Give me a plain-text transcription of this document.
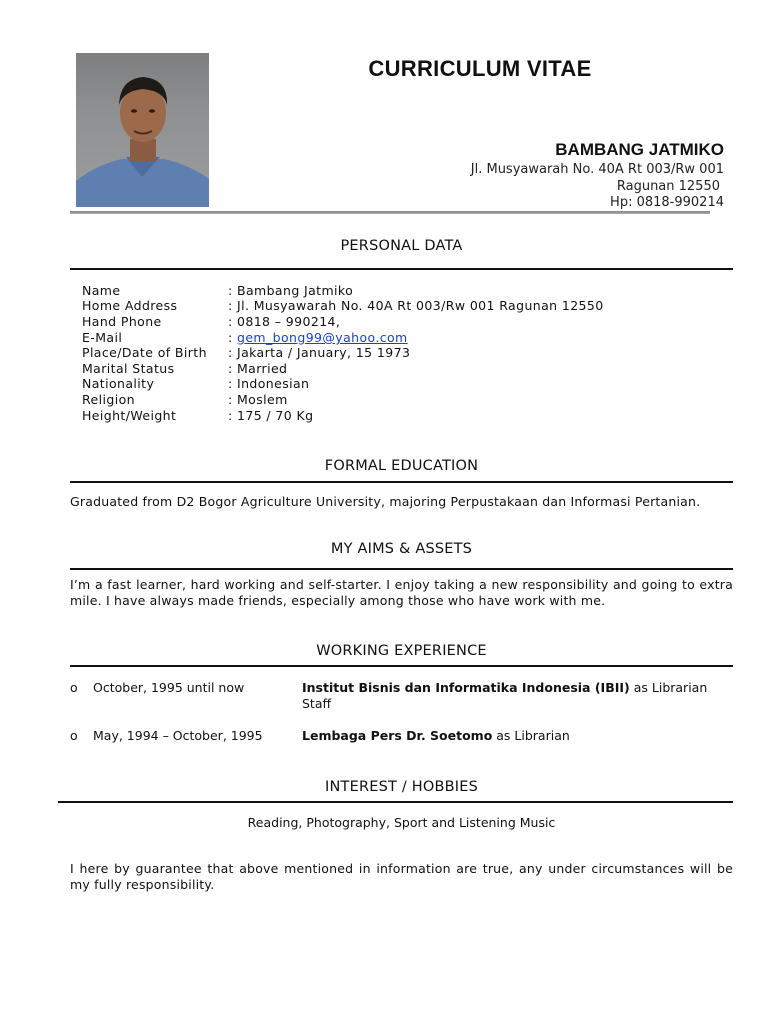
CURRICULUM VITAE
BAMBANG JATMIKO
Jl. Musyawarah No. 40A Rt 003/Rw 001
Ragunan 12550
Hp: 0818-990214
PERSONAL DATA
Name	: Bambang Jatmiko
Home Address	: Jl. Musyawarah No. 40A Rt 003/Rw 001 Ragunan 12550
Hand Phone	: 0818 – 990214,
E-Mail	: gem_bong99@yahoo.com
Place/Date of Birth : Jakarta / January, 15 1973
Marital Status	: Married
Nationality	: Indonesian
Religion	: Moslem
Height/Weight	: 175 / 70 Kg
FORMAL EDUCATION
Graduated from D2 Bogor Agriculture University, majoring Perpustakaan dan Informasi Pertanian.
MY AIMS & ASSETS
I’m a fast learner, hard working and self-starter. I enjoy taking a new responsibility and going to extra mile. I have always made friends, especially among those who have work with me.
WORKING EXPERIENCE
o October, 1995 until now	Institut Bisnis dan Informatika Indonesia (IBII) as Librarian Staff
o May, 1994 – October, 1995	Lembaga Pers Dr. Soetomo as Librarian
INTEREST / HOBBIES
Reading, Photography, Sport and Listening Music
I here by guarantee that above mentioned in information are true, any under circumstances will be my fully responsibility.
